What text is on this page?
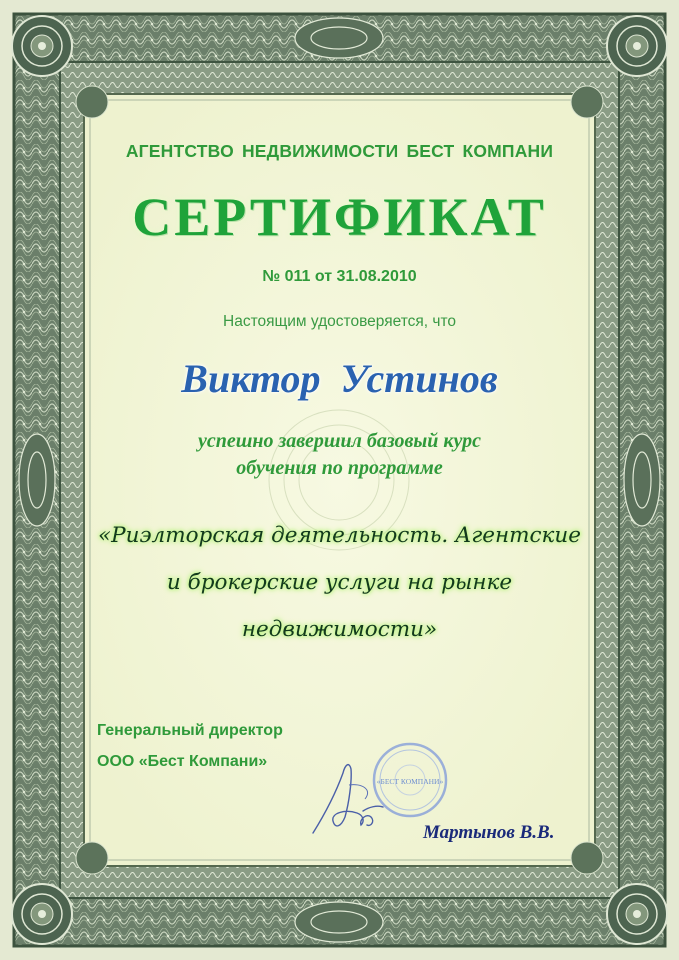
АГЕНТСТВО НЕДВИЖИМОСТИ БЕСТ КОМПАНИ

СЕРТИФИКАТ

№ 011 от 31.08.2010

Настоящим удостоверяется, что

Виктор Устинов

успешно завершил базовый курс
обучения по программе
«Риэлторская деятельность. Агентские
и брокерские услуги на рынке
недвижимости»
Генеральный директор
ООО «Бест Компани»
«БЕСТ КОМПАНИ»

Мартынов В.В.
